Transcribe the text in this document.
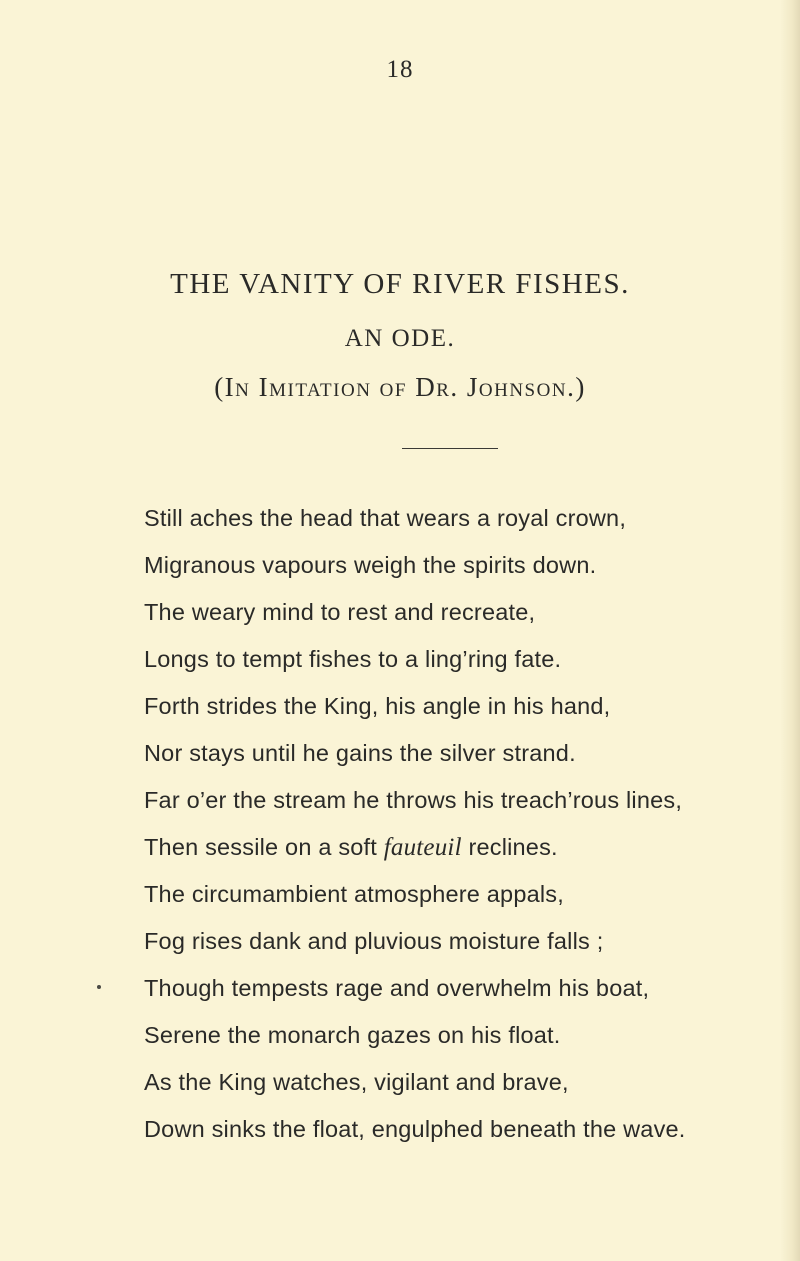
18
THE VANITY OF RIVER FISHES.
AN ODE.
(In Imitation of Dr. Johnson.)
Still aches the head that wears a royal crown,
Migranous vapours weigh the spirits down.
The weary mind to rest and recreate,
Longs to tempt fishes to a ling’ring fate.
Forth strides the King, his angle in his hand,
Nor stays until he gains the silver strand.
Far o’er the stream he throws his treach’rous lines,
Then sessile on a soft fauteuil reclines.
The circumambient atmosphere appals,
Fog rises dank and pluvious moisture falls ;
Though tempests rage and overwhelm his boat,
Serene the monarch gazes on his float.
As the King watches, vigilant and brave,
Down sinks the float, engulphed beneath the wave.
